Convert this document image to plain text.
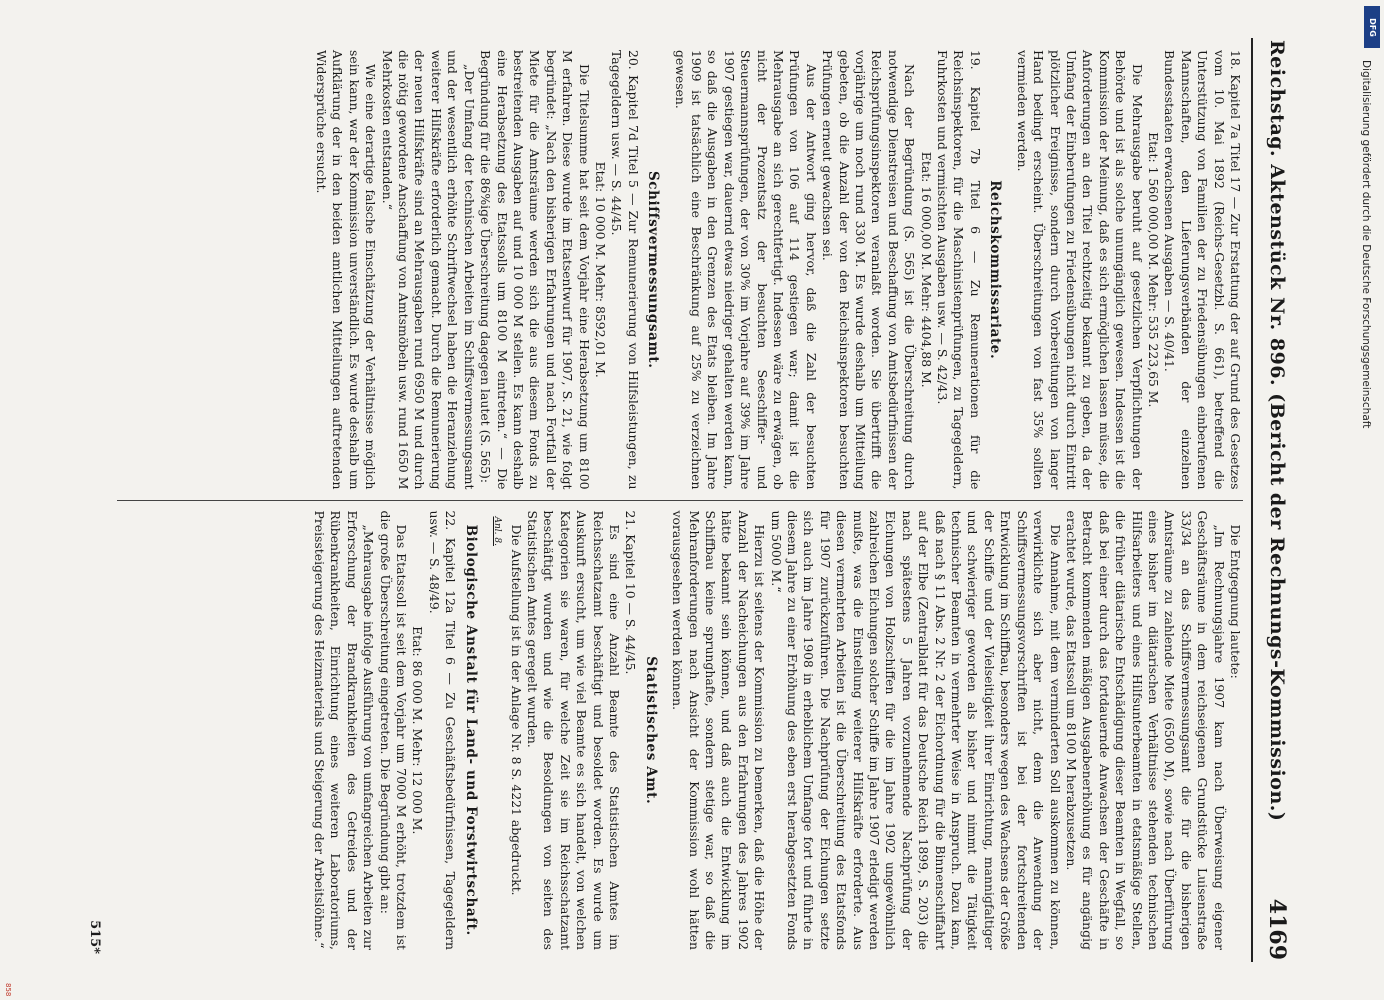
Reichstag. Aktenstück Nr. 896. (Bericht der Rechnungs-Kommission.)
4169

18. Kapitel 7a Titel 17 — Zur Erstattung der auf Grund des Gesetzes vom 10. Mai 1892 (Reichs-Gesetzbl. S. 661), betreffend die Unterstützung von Familien der zu Friedensübungen einberufenen Mannschaften, den Lieferungsverbänden der einzelnen Bundesstaaten erwachsenen Ausgaben — S. 40/41.

Etat: 1 560 000,00 M. Mehr: 535 223,65 M.

Die Mehrausgabe beruht auf gesetzlichen Verpflichtungen der Behörde und ist als solche unumgänglich gewesen. Indessen ist die Kommission der Meinung, daß es sich ermöglichen lassen müsse, die Anforderungen an den Titel rechtzeitig bekannt zu geben, da der Umfang der Einberufungen zu Friedensübungen nicht durch Eintritt plötzlicher Ereignisse, sondern durch Vorbereitungen von langer Hand bedingt erscheint. Überschreitungen von fast 35% sollten vermieden werden.

Reichskommissariate.

19. Kapitel 7b Titel 6 — Zu Remunerationen für die Reichsinspektoren, für die Maschinistenprüfungen, zu Tagegeldern, Fuhrkosten und vermischten Ausgaben usw. — S. 42/43.

Etat: 16 000,00 M. Mehr: 4404,88 M.

Nach der Begründung (S. 565) ist die Überschreitung durch notwendige Dienstreisen und Beschaffung von Amtsbedürfnissen der Reichsprüfungsinspektoren veranlaßt worden. Sie übertrifft die vorjährige um noch rund 330 M. Es wurde deshalb um Mitteilung gebeten, ob die Anzahl der von den Reichsinspektoren besuchten Prüfungen erneut gewachsen sei.

Aus der Antwort ging hervor, daß die Zahl der besuchten Prüfungen von 106 auf 114 gestiegen war; damit ist die Mehrausgabe an sich gerechtfertigt. Indessen wäre zu erwägen, ob nicht der Prozentsatz der besuchten Seeschiffer- und Steuermannsprüfungen, der von 30% im Vorjahre auf 39% im Jahre 1907 gestiegen war, dauernd etwas niedriger gehalten werden kann, so daß die Ausgaben in den Grenzen des Etats bleiben. Im Jahre 1909 ist tatsächlich eine Beschränkung auf 25% zu verzeichnen gewesen.

Schiffsvermessungsamt.

20. Kapitel 7d Titel 5 — Zur Remunerierung von Hilfsleistungen, zu Tagegeldern usw. — S. 44/45.

Etat: 10 000 M. Mehr: 8592,01 M.

Die Titelsumme hat seit dem Vorjahr eine Herabsetzung um 8100 M erfahren. Diese wurde im Etatsentwurf für 1907, S. 21, wie folgt begründet: „Nach den bisherigen Erfahrungen und nach Fortfall der Miete für die Amtsräume werden sich die aus diesem Fonds zu bestreitenden Ausgaben auf und 10 000 M stellen. Es kann deshalb eine Herabsetzung des Etatssolls um 8100 M eintreten.“ — Die Begründung für die 86%ige Überschreitung dagegen lautet (S. 565):

„Der Umfang der technischen Arbeiten im Schiffsvermessungsamt und der wesentlich erhöhte Schriftwechsel haben die Heranziehung weiterer Hilfskräfte erforderlich gemacht. Durch die Remunerierung der neuen Hilfskräfte sind an Mehrausgaben rund 6950 M und durch die nötig gewordene Anschaffung von Amtsmöbeln usw. rund 1650 M Mehrkosten entstanden.“

Wie eine derartige falsche Einschätzung der Verhältnisse möglich sein kann, war der Kommission unverständlich. Es wurde deshalb um Aufklärung der in den beiden amtlichen Mitteilungen auftretenden Widersprüche ersucht.

Die Entgegnung lautete:

„Im Rechnungsjahre 1907 kam nach Überweisung eigener Geschäftsräume in dem reichseigenen Grundstücke Luisenstraße 33/34 an das Schiffsvermessungsamt die für die bisherigen Amtsräume zu zahlende Miete (6500 M), sowie nach Überführung eines bisher im diätarischen Verhältnisse stehenden technischen Hilfsarbeiters und eines Hilfsunterbeamten in etatsmäßige Stellen, die früher diätarische Entschädigung dieser Beamten in Wegfall, so daß bei einer durch das fortdauernde Anwachsen der Geschäfte in Betracht kommenden mäßigen Ausgabenerhöhung es für angängig erachtet wurde, das Etatssoll um 8100 M herabzusetzen.

Die Annahme, mit dem verminderten Soll auskommen zu können, verwirklichte sich aber nicht, denn die Anwendung der Schiffsvermessungsvorschriften ist bei der fortschreitenden Entwicklung im Schiffbau, besonders wegen des Wachsens der Größe der Schiffe und der Vielseitigkeit ihrer Einrichtung, mannigfaltiger und schwieriger geworden als bisher und nimmt die Tätigkeit technischer Beamten in vermehrter Weise in Anspruch. Dazu kam, daß nach § 11 Abs. 2 Nr. 2 der Eichordnung für die Binnenschiffahrt auf der Elbe (Zentralblatt für das Deutsche Reich 1899, S. 203) die nach spätestens 5 Jahren vorzunehmende Nachprüfung der Eichungen von Holzschiffen für die im Jahre 1902 ungewöhnlich zahlreichen Eichungen solcher Schiffe im Jahre 1907 erledigt werden mußte, was die Einstellung weiterer Hilfskräfte erforderte. Aus diesen vermehrten Arbeiten ist die Überschreitung des Etatsfonds für 1907 zurückzuführen. Die Nachprüfung der Eichungen setzte sich auch im Jahre 1908 in erheblichem Umfange fort und führte in diesem Jahre zu einer Erhöhung des eben erst herabgesetzten Fonds um 5000 M.“

Hierzu ist seitens der Kommission zu bemerken, daß die Höhe der Anzahl der Nacheichungen aus den Erfahrungen des Jahres 1902 hätte bekannt sein können, und daß auch die Entwicklung im Schiffbau keine sprunghafte, sondern stetige war, so daß die Mehranforderungen nach Ansicht der Kommission wohl hätten vorausgesehen werden können.

Statistisches Amt.

21. Kapitel 10 — S. 44/45.

Es sind eine Anzahl Beamte des Statistischen Amtes im Reichsschatzamt beschäftigt und besoldet worden. Es wurde um Auskunft ersucht, um wie viel Beamte es sich handelt, von welchen Kategorien sie waren, für welche Zeit sie im Reichsschatzamt beschäftigt wurden und wie die Besoldungen von seiten des Statistischen Amtes geregelt wurden.

Die Aufstellung ist in der Anlage Nr. 8 S. 4221 abgedruckt.

Anl. 8.
Biologische Anstalt für Land- und Forstwirtschaft.

22. Kapitel 12a Titel 6 — Zu Geschäftsbedürfnissen, Tagegeldern usw. — S. 48/49.

Etat: 86 000 M. Mehr: 12 000 M.

Das Etatssoll ist seit dem Vorjahr um 7000 M erhöht, trotzdem ist die große Überschreitung eingetreten. Die Begründung gibt an:

„Mehrausgabe infolge Ausführung von umfangreichen Arbeiten zur Erforschung der Brandkrankheiten des Getreides und der Rübenkrankheiten, Einrichtung eines weiteren Laboratoriums, Preissteigerung des Heizmaterials und Steigerung der Arbeitslöhne.“

515*
DFG
Digitalisierung gefördert durch die Deutsche Forschungsgemeinschaft
858
